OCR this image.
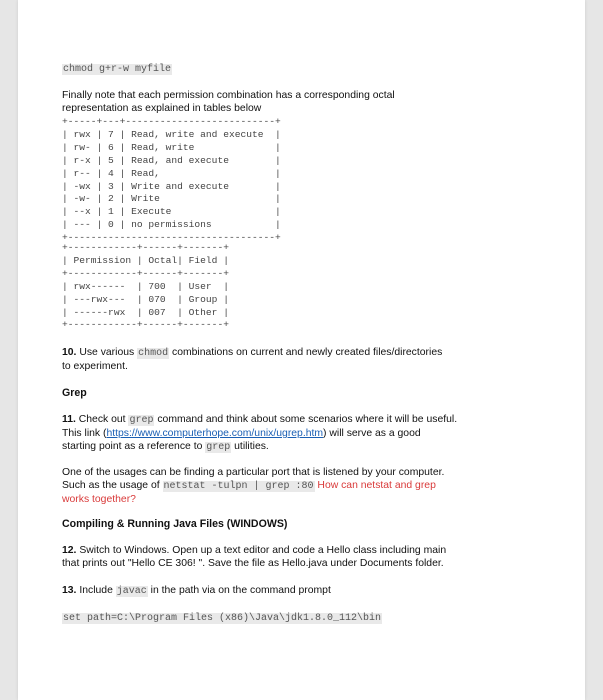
chmod g+r-w myfile
Finally note that each permission combination has a corresponding octal
representation as explained in tables below
+-----+---+--------------------------+
| rwx | 7 | Read, write and execute  |
| rw- | 6 | Read, write              |
| r-x | 5 | Read, and execute        |
| r-- | 4 | Read,                    |
| -wx | 3 | Write and execute        |
| -w- | 2 | Write                    |
| --x | 1 | Execute                  |
| --- | 0 | no permissions           |
+------------------------------------+
+------------+------+-------+
| Permission | Octal| Field |
+------------+------+-------+
| rwx------  | 700  | User  |
| ---rwx---  | 070  | Group |
| ------rwx  | 007  | Other |
+------------+------+-------+
10. Use various chmod combinations on current and newly created files/directories
to experiment.
Grep
11. Check out grep command and think about some scenarios where it will be useful.
This link (https://www.computerhope.com/unix/ugrep.htm) will serve as a good
starting point as a reference to grep utilities.
One of the usages can be finding a particular port that is listened by your computer.
Such as the usage of netstat -tulpn | grep :80 How can netstat and grep
works together?
Compiling & Running Java Files (WINDOWS)
12. Switch to Windows. Open up a text editor and code a Hello class including main
that prints out "Hello CE 306! ". Save the file as Hello.java under Documents folder.
13. Include javac in the path via on the command prompt
set path=C:\Program Files (x86)\Java\jdk1.8.0_112\bin
